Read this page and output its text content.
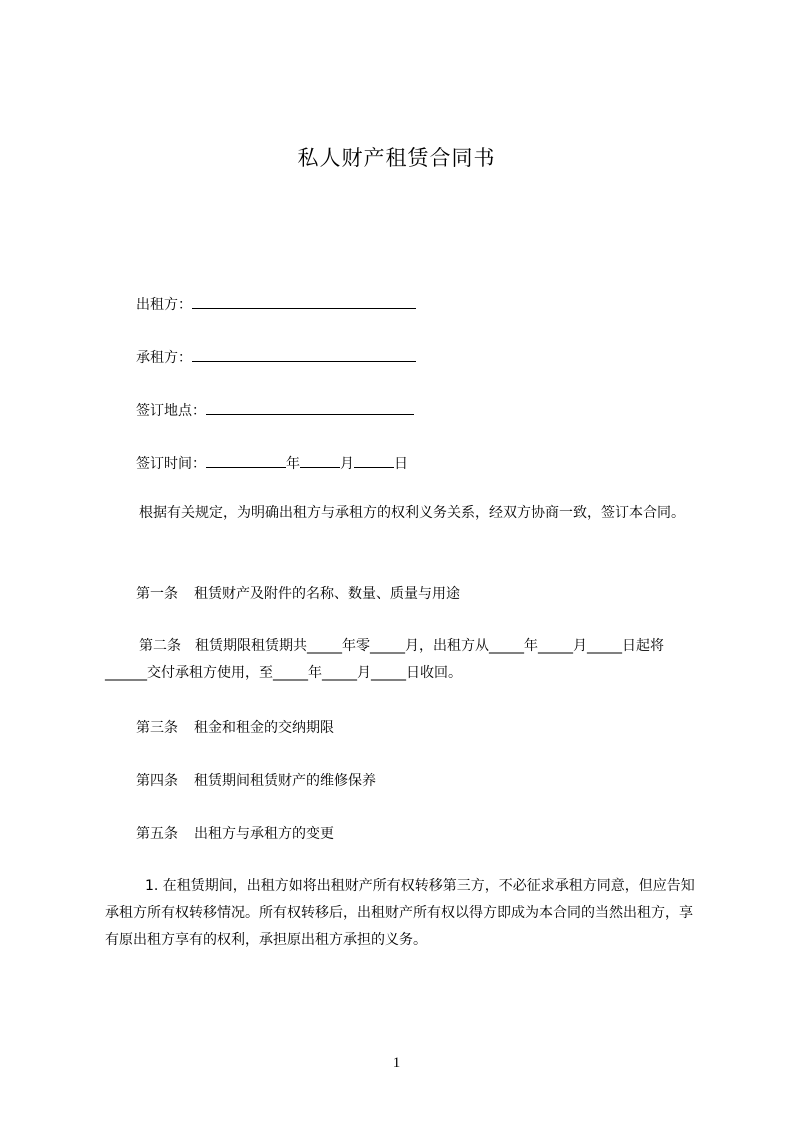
私人财产租赁合同书
出租方：
承租方：
签订地点：
签订时间：	年	月	日
根据有关规定，为明确出租方与承租方的权利义务关系，经双方协商一致，签订本合同。
第一条 租赁财产及附件的名称、数量、质量与用途
第二条　租赁期限租赁期共_____年零_____月，出租方从_____年_____月_____日起将______交付承租方使用，至_____年_____月_____日收回。
第三条 租金和租金的交纳期限
第四条 租赁期间租赁财产的维修保养
第五条 出租方与承租方的变更
1. 在租赁期间，出租方如将出租财产所有权转移第三方，不必征求承租方同意，但应告知承租方所有权转移情况。所有权转移后，出租财产所有权以得方即成为本合同的当然出租方，享有原出租方享有的权利，承担原出租方承担的义务。
1
